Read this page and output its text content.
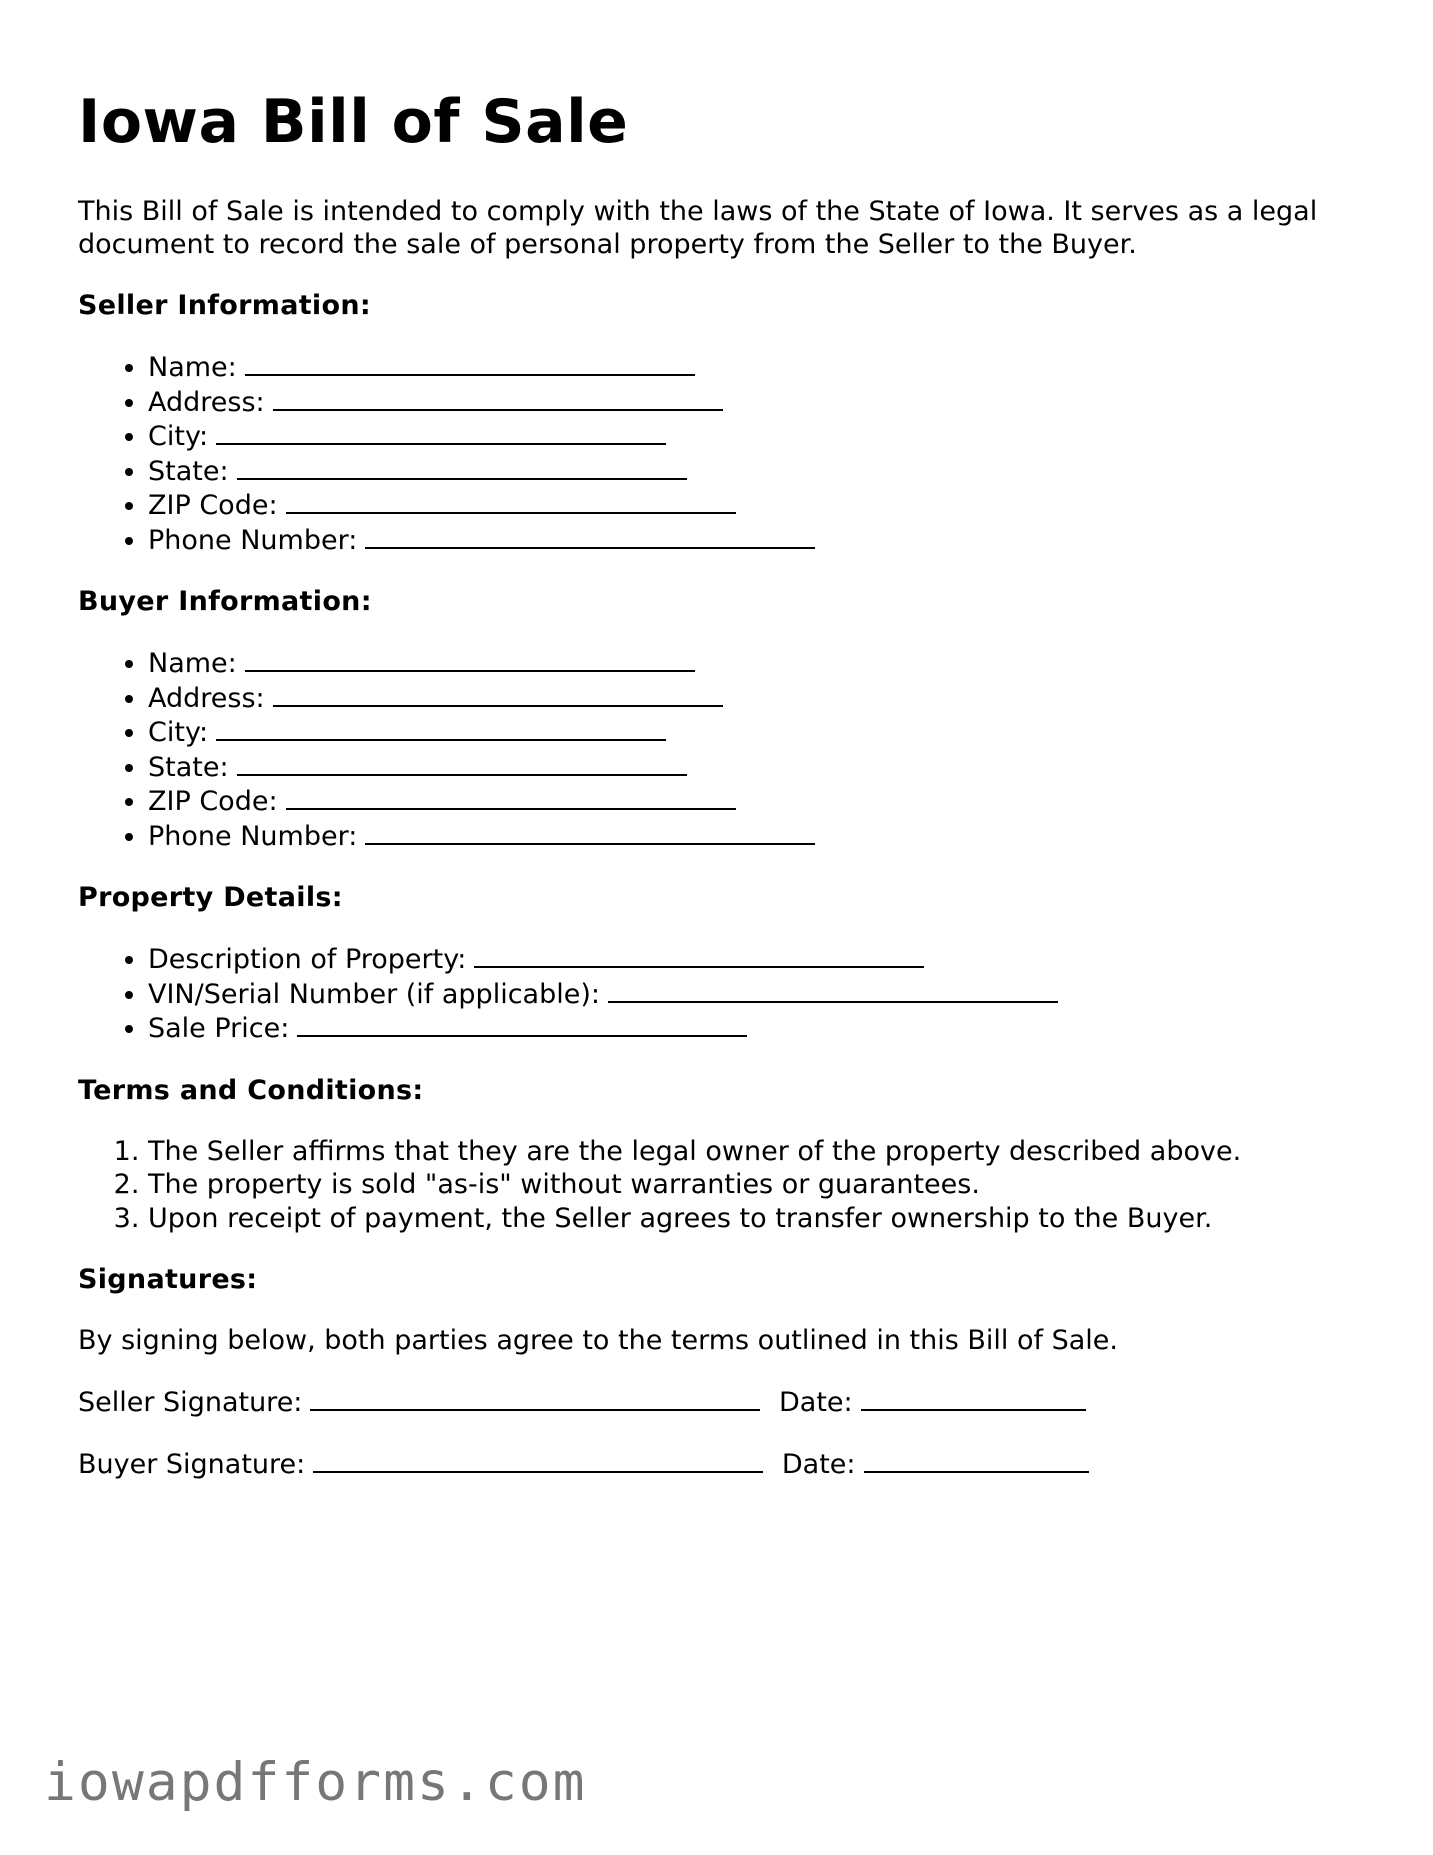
Iowa Bill of Sale

This Bill of Sale is intended to comply with the laws of the State of Iowa. It serves as a legal document to record the sale of personal property from the Seller to the Buyer.

Seller Information:
• Name:
• Address:
• City:
• State:
• ZIP Code:
• Phone Number:
Buyer Information:
• Name:
• Address:
• City:
• State:
• ZIP Code:
• Phone Number:
Property Details:
• Description of Property:
• VIN/Serial Number (if applicable):
• Sale Price:
Terms and Conditions:
1. The Seller affirms that they are the legal owner of the property described above.
2. The property is sold "as-is" without warranties or guarantees.
3. Upon receipt of payment, the Seller agrees to transfer ownership to the Buyer.
Signatures:

By signing below, both parties agree to the terms outlined in this Bill of Sale.

Seller Signature:	Date:
Buyer Signature:	Date:
iowapdfforms.com
